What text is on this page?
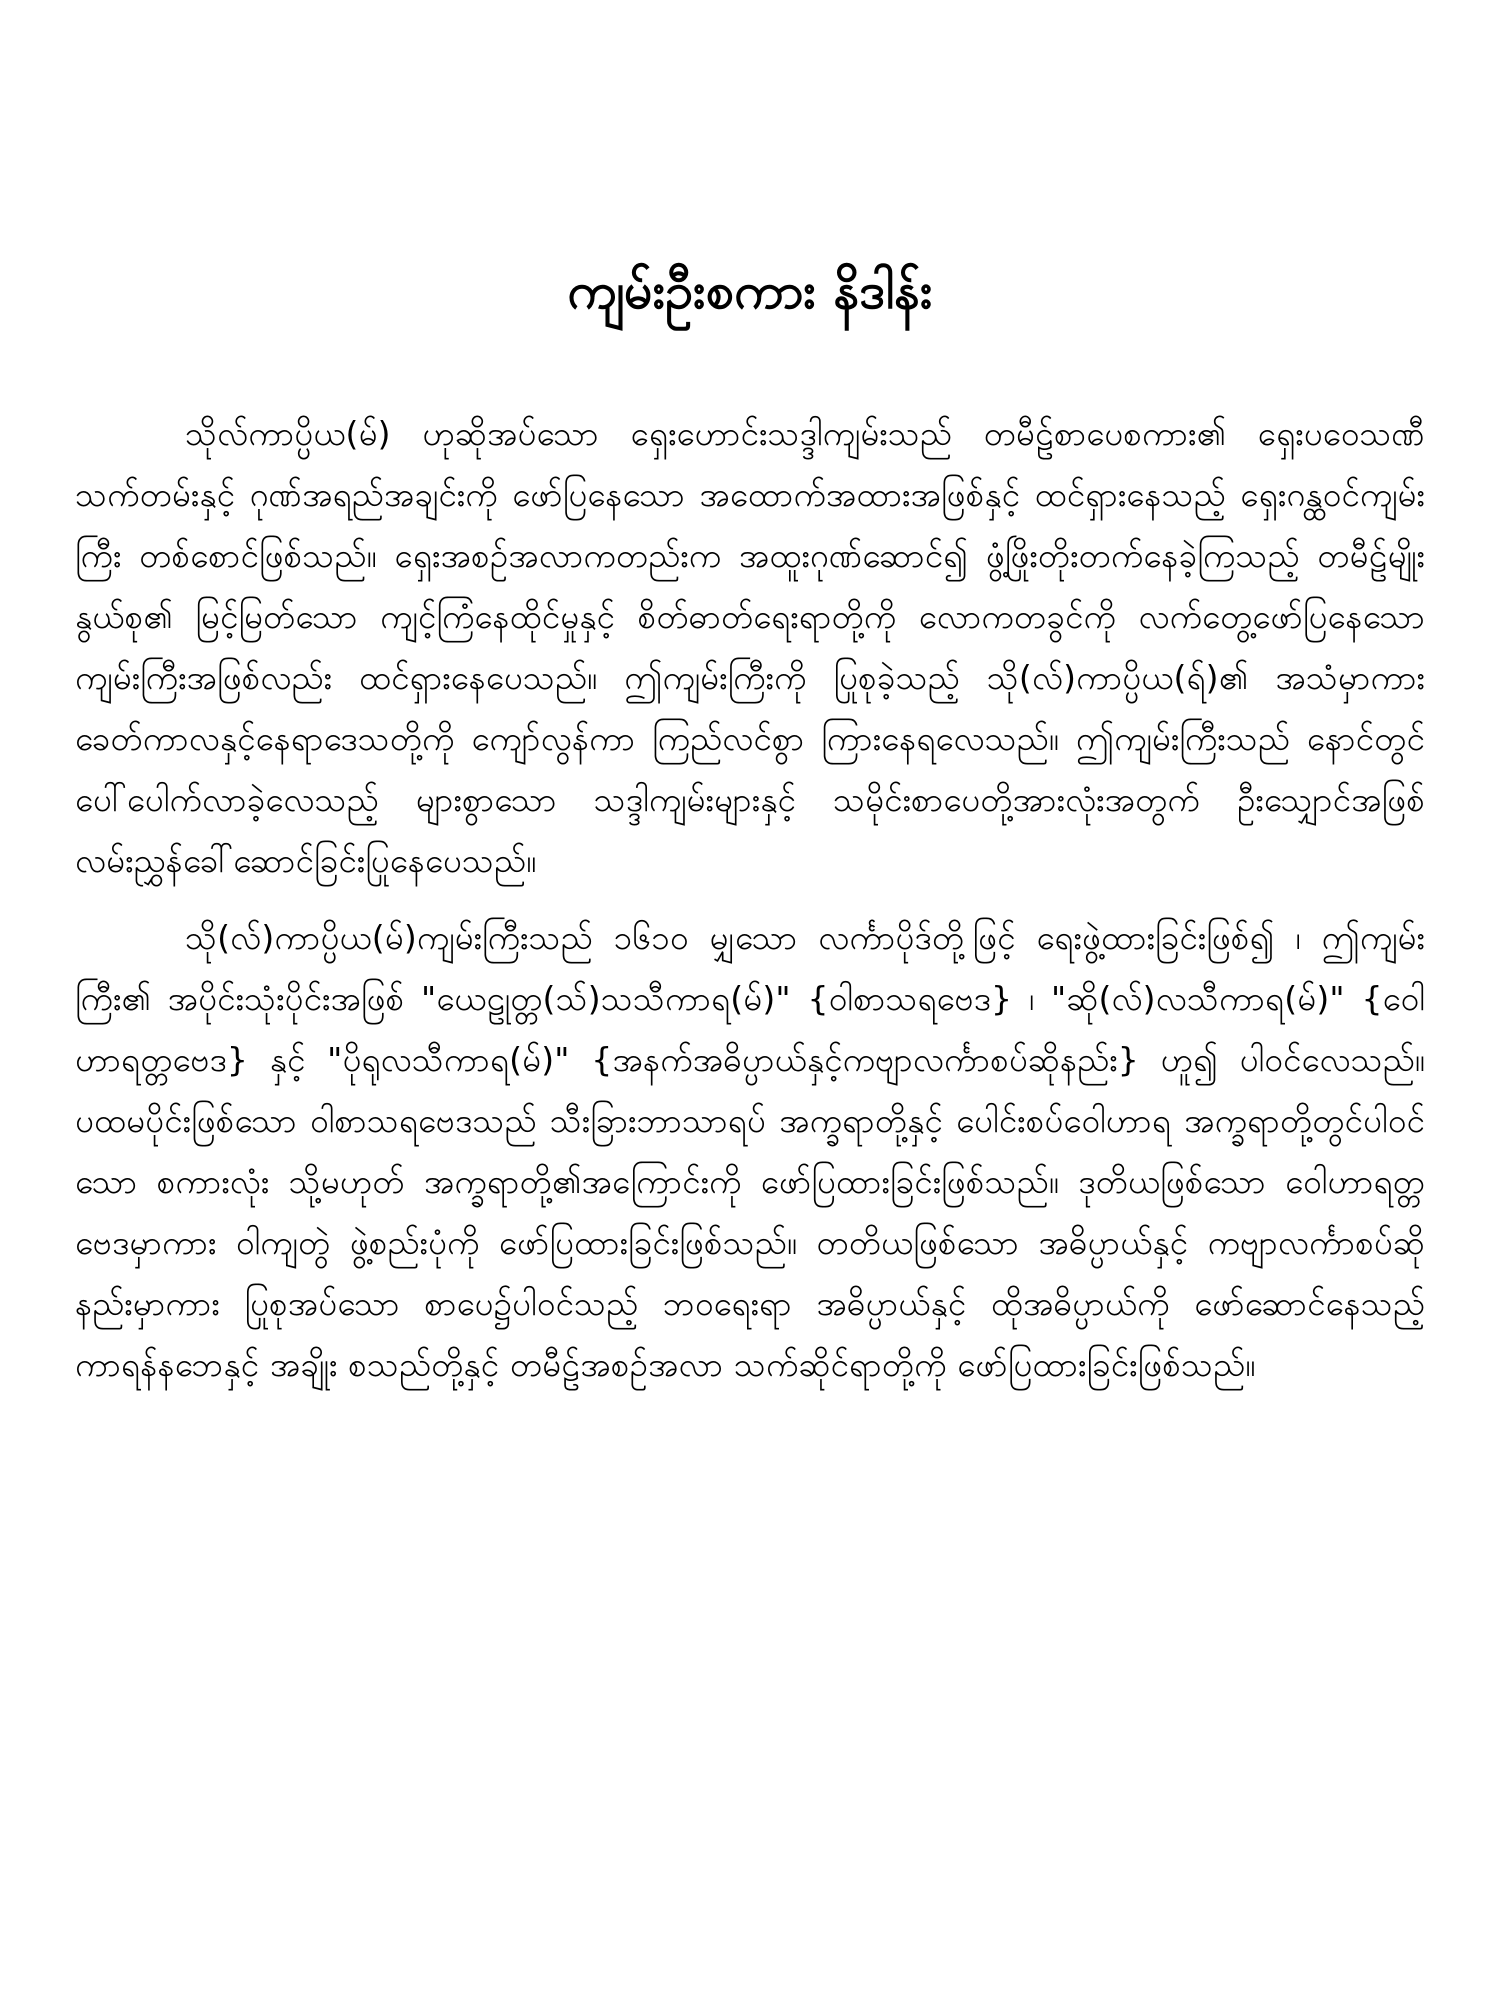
ကျမ်းဦးစကား နိဒါန်း

သိုလ်ကာပ္ပိယ(မ်) ဟုဆိုအပ်သော ရှေးဟောင်းသဒ္ဒါကျမ်းသည် တမီဠ်စာပေစကား၏ ရှေးပဝေသဏီ သက်တမ်းနှင့် ဂုဏ်အရည်အချင်းကို ဖော်ပြနေသော အထောက်အထားအဖြစ်နှင့် ထင်ရှားနေသည့် ရှေးဂန္ထဝင်ကျမ်းကြီး တစ်စောင်ဖြစ်သည်။ ရှေးအစဉ်အလာကတည်းက အထူးဂုဏ်ဆောင်၍ ဖွံ့ဖြိုးတိုးတက်နေခဲ့ကြသည့် တမီဠ်မျိုးနွယ်စု၏ မြင့်မြတ်သော ကျင့်ကြံနေထိုင်မှုနှင့် စိတ်ဓာတ်ရေးရာတို့ကို လောကတခွင်ကို လက်တွေ့ဖော်ပြနေသော ကျမ်းကြီးအဖြစ်လည်း ထင်ရှားနေပေသည်။ ဤကျမ်းကြီးကို ပြုစုခဲ့သည့် သို(လ်)ကာပ္ပိယ(ရ်)၏ အသံမှာကား ခေတ်ကာလနှင့်နေရာဒေသတို့ကို ကျော်လွန်ကာ ကြည်လင်စွာ ကြားနေရလေသည်။ ဤကျမ်းကြီးသည် နောင်တွင် ပေါ်ပေါက်လာခဲ့လေသည့် များစွာသော သဒ္ဒါကျမ်းများနှင့် သမိုင်းစာပေတို့အားလုံးအတွက် ဦးသျှောင်အဖြစ် လမ်းညွှန်ခေါ်ဆောင်ခြင်းပြုနေပေသည်။

သို(လ်)ကာပ္ပိယ(မ်)ကျမ်းကြီးသည် ၁၆၁၀ မျှသော လင်္ကာပိုဒ်တို့ဖြင့် ရေးဖွဲ့ထားခြင်းဖြစ်၍ ၊ ဤကျမ်းကြီး၏ အပိုင်းသုံးပိုင်းအဖြစ် "ယေဠုတ္တ(သ်)သသီကာရ(မ်)" {ဝါစာသရဗေဒ} ၊ "ဆို(လ်)လသီကာရ(မ်)" {ဝေါဟာရတ္တဗေဒ} နှင့် "ပိုရုလသီကာရ(မ်)" {အနက်အဓိပ္ပာယ်နှင့်ကဗျာလင်္ကာစပ်ဆိုနည်း} ဟူ၍ ပါဝင်လေသည်။ ပထမပိုင်းဖြစ်သော ဝါစာသရဗေဒသည် သီးခြားဘာသာရပ် အက္ခရာတို့နှင့် ပေါင်းစပ်ဝေါဟာရ အက္ခရာတို့တွင်ပါဝင်သော စကားလုံး သို့မဟုတ် အက္ခရာတို့၏အကြောင်းကို ဖော်ပြထားခြင်းဖြစ်သည်။ ဒုတိယဖြစ်သော ဝေါဟာရတ္တဗေဒမှာကား ဝါကျတွဲ ဖွဲ့စည်းပုံကို ဖော်ပြထားခြင်းဖြစ်သည်။ တတိယဖြစ်သော အဓိပ္ပာယ်နှင့် ကဗျာလင်္ကာစပ်ဆိုနည်းမှာကား ပြုစုအပ်သော စာပေ၌ပါဝင်သည့် ဘဝရေးရာ အဓိပ္ပာယ်နှင့် ထိုအဓိပ္ပာယ်ကို ဖော်ဆောင်နေသည့် ကာရန်နဘေနှင့် အချိုး စသည်တို့နှင့် တမီဠ်အစဉ်အလာ သက်ဆိုင်ရာတို့ကို ဖော်ပြထားခြင်းဖြစ်သည်။
